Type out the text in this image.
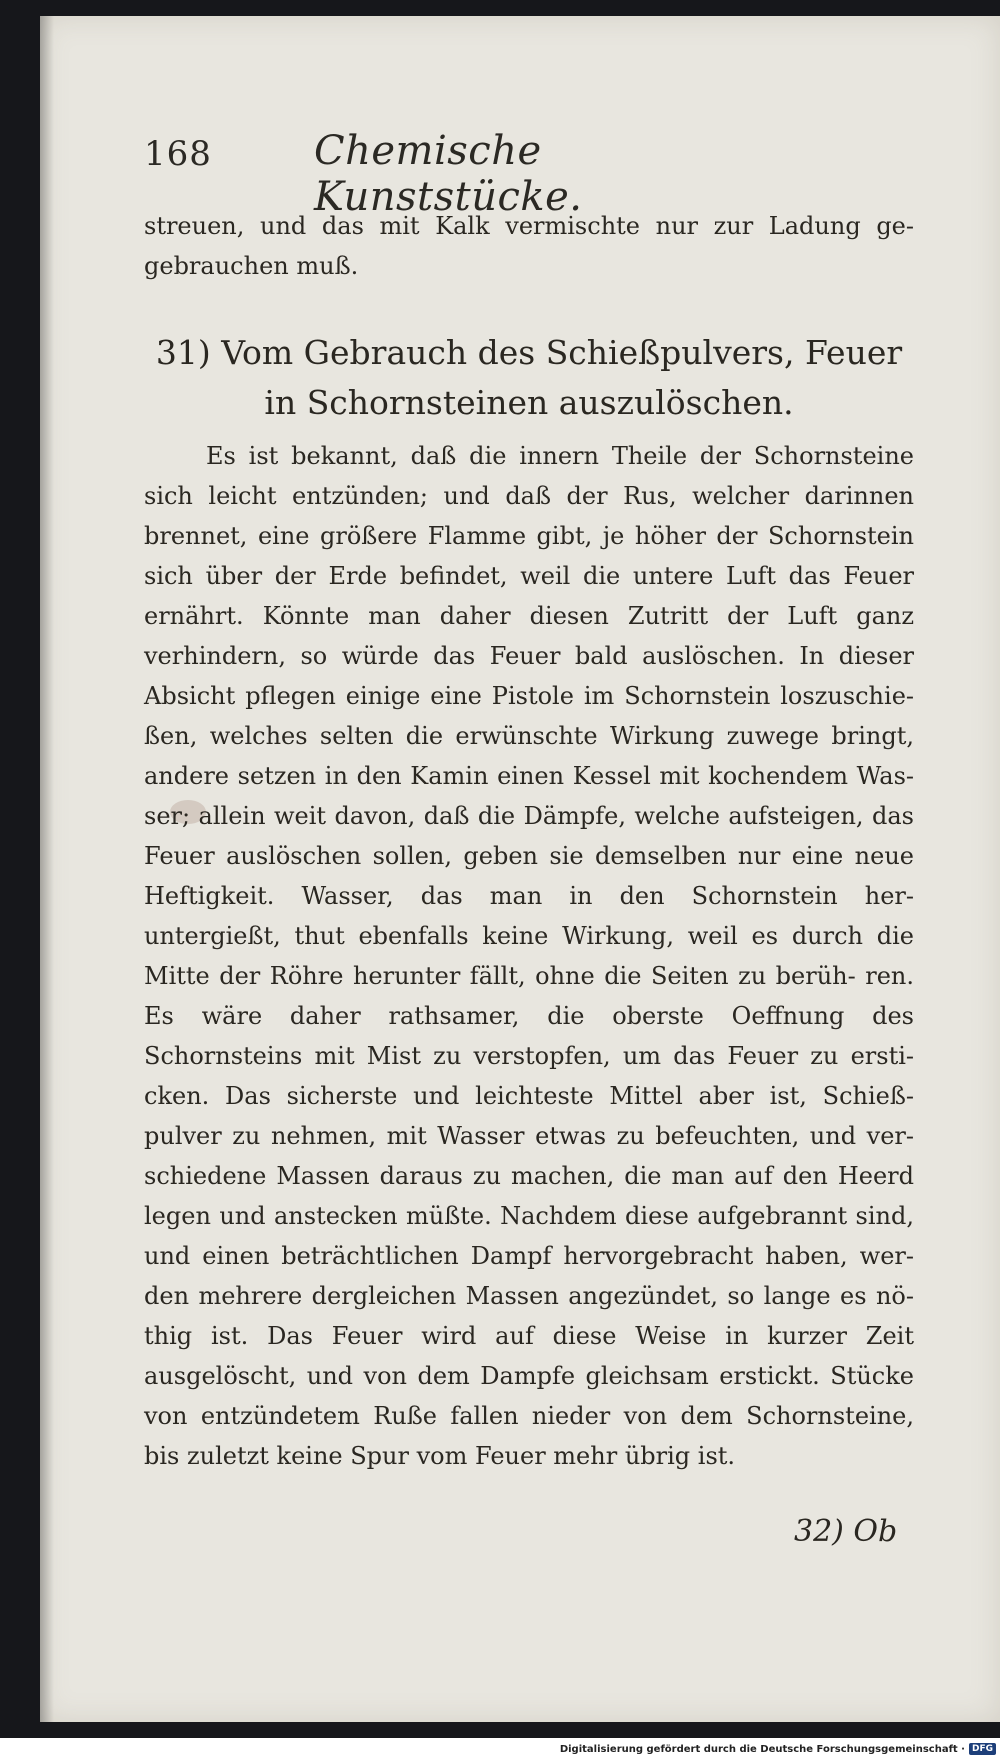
168	Chemische Kunststücke.
streuen, und das mit Kalk vermischte nur zur Ladung ge- gebrauchen muß.
31) Vom Gebrauch des Schießpulvers, Feuer
in Schornsteinen auszulöschen.
Es ist bekannt, daß die innern Theile der Schornsteine sich leicht entzünden; und daß der Rus, welcher darinnen brennet, eine größere Flamme gibt, je höher der Schornstein sich über der Erde befindet, weil die untere Luft das Feuer ernährt. Könnte man daher diesen Zutritt der Luft ganz verhindern, so würde das Feuer bald auslöschen. In dieser Absicht pflegen einige eine Pistole im Schornstein loszuschie- ßen, welches selten die erwünschte Wirkung zuwege bringt, andere setzen in den Kamin einen Kessel mit kochendem Was- ser; allein weit davon, daß die Dämpfe, welche aufsteigen, das Feuer auslöschen sollen, geben sie demselben nur eine neue Heftigkeit. Wasser, das man in den Schornstein her- untergießt, thut ebenfalls keine Wirkung, weil es durch die Mitte der Röhre herunter fällt, ohne die Seiten zu berüh- ren. Es wäre daher rathsamer, die oberste Oeffnung des Schornsteins mit Mist zu verstopfen, um das Feuer zu ersti- cken. Das sicherste und leichteste Mittel aber ist, Schieß- pulver zu nehmen, mit Wasser etwas zu befeuchten, und ver- schiedene Massen daraus zu machen, die man auf den Heerd legen und anstecken müßte. Nachdem diese aufgebrannt sind, und einen beträchtlichen Dampf hervorgebracht haben, wer- den mehrere dergleichen Massen angezündet, so lange es nö- thig ist. Das Feuer wird auf diese Weise in kurzer Zeit ausgelöscht, und von dem Dampfe gleichsam erstickt. Stücke von entzündetem Ruße fallen nieder von dem Schornsteine, bis zuletzt keine Spur vom Feuer mehr übrig ist.
32) Ob
Digitalisierung gefördert durch die Deutsche Forschungsgemeinschaft · DFG
